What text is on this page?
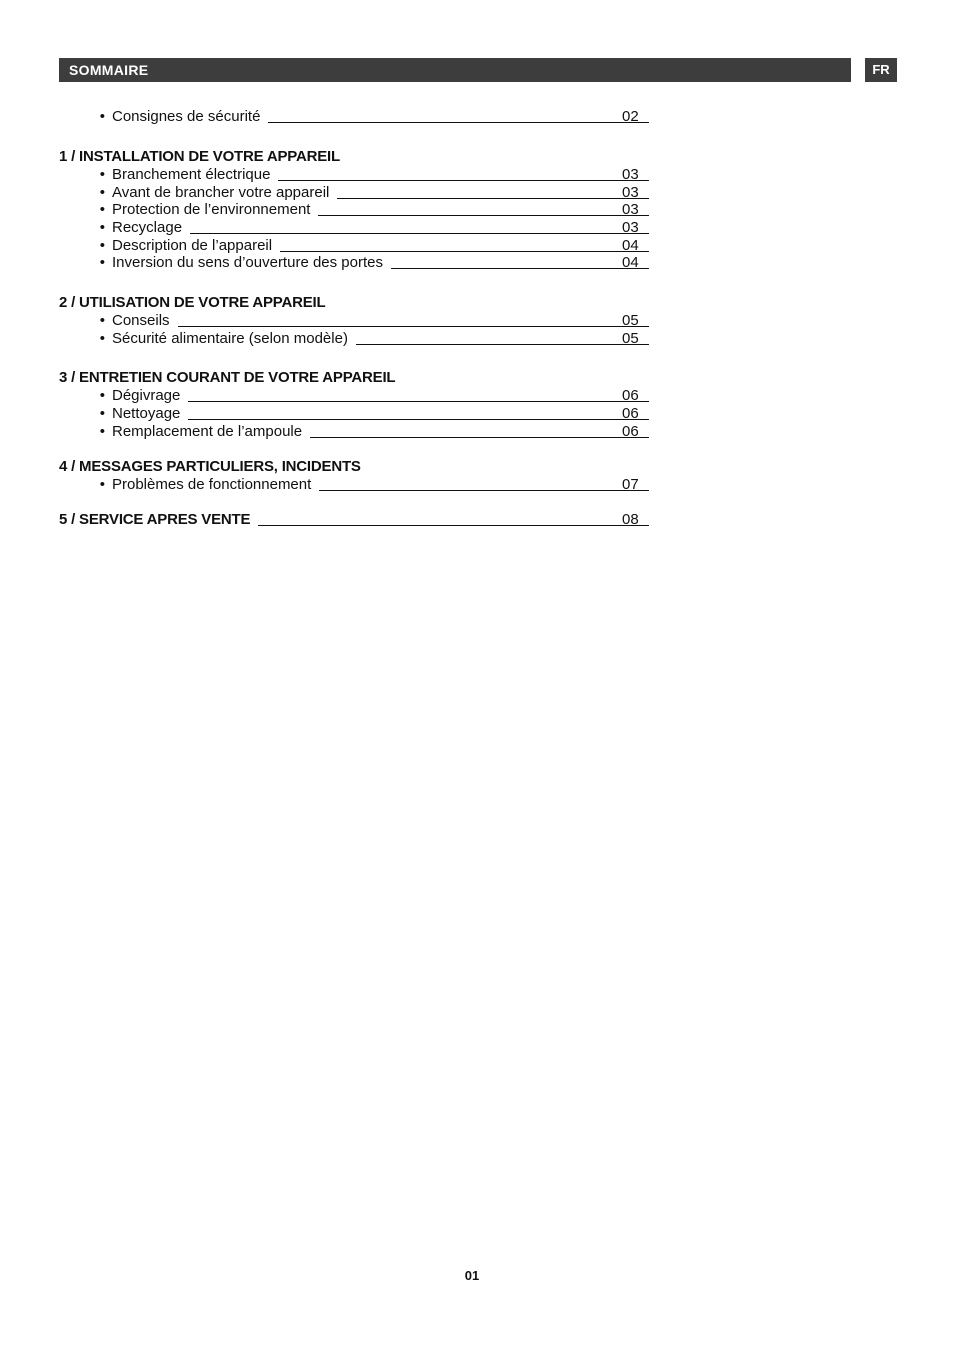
SOMMAIRE	FR
• Consignes de sécurité	02
1 / INSTALLATION DE VOTRE APPAREIL
• Branchement électrique	03
• Avant de brancher votre appareil	03
• Protection de l’environnement	03
• Recyclage	03
• Description de l’appareil	04
• Inversion du sens d’ouverture des portes	04
2 / UTILISATION DE VOTRE APPAREIL
• Conseils	05
• Sécurité alimentaire (selon modèle)	05
3 / ENTRETIEN COURANT DE VOTRE APPAREIL
• Dégivrage	06
• Nettoyage	06
• Remplacement de l’ampoule	06
4 / MESSAGES PARTICULIERS, INCIDENTS
• Problèmes de fonctionnement	07
5 / SERVICE APRES VENTE	08
01
